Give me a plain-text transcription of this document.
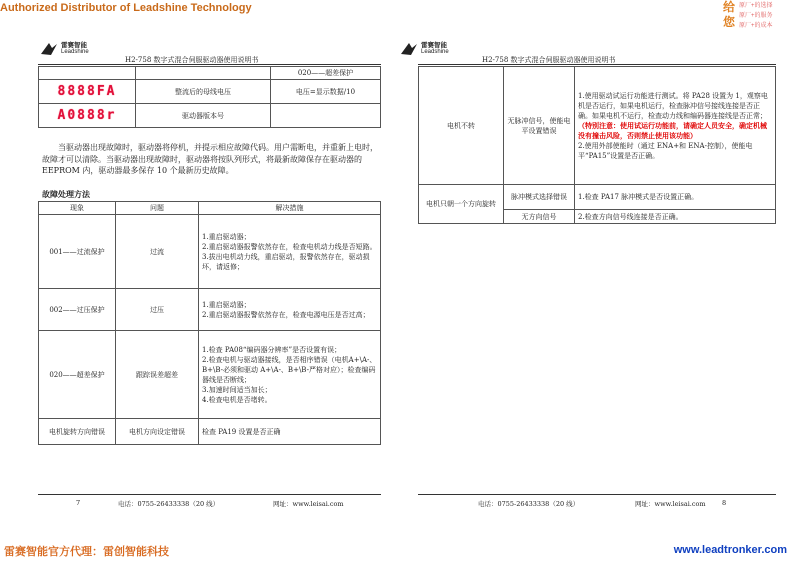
Authorized Distributor of Leadshine Technology	给
您
原厂+的选择
原厂+的服务
原厂+的成本
雷赛智能
Leadshine
H2-758 数字式混合伺服驱动器使用说明书
		020——超差保护

8888FA	整流后的母线电压	电压=显示数据/10

A0888r	驱动器版本号	
当驱动器出现故障时，驱动器将停机，并提示相应故障代码。用户需断电，并重新上电时，故障才可以清除。当驱动器出现故障时，驱动器将按队列形式，将最新故障保存在驱动器的 EEPROM 内，驱动器最多保存 10 个最新历史故障。
故障处理方法
现象	问题	解决措施
001——过流保护	过流	1.重启驱动器；
2.重启驱动器报警依然存在，检查电机动力线是否短路。
3.拔出电机动力线，重启驱动，报警依然存在，驱动损坏，请返修；

002——过压保护	过压	1.重启驱动器；
2.重启驱动器报警依然存在，检查电源电压是否过高；

020——超差保护	跟踪误差超差	1.检查 PA08“编码器分辨率”是否设置有误；
2.检查电机与驱动器接线，是否相序错误（电机A+\A-、B+\B-必须和驱动 A+\A-、B+\B-严格对应）；检查编码器线是否断线；
3.加速时间适当加长；
4.检查电机是否堵转。

电机旋转方向错误	电机方向设定错误	检查 PA19 设置是否正确
7	电话：0755-26433338（20 线）	网址：www.leisai.com
雷赛智能
Leadshine
H2-758 数字式混合伺服驱动器使用说明书
电机不转	无脉冲信号，使能电平设置错误	1.使用驱动试运行功能进行测试。将 PA28 设置为 1，观察电机是否运行，如果电机运行，检查脉冲信号接线连接是否正确。如果电机不运行，检查动力线和编码器连接线是否正常；
（特别注意：使用试运行功能前，请确定人员安全，确定机械没有撞击风险，否则禁止使用该功能）
2.使用外部使能时（通过 ENA+和 ENA-控制），使能电平“PA15”设置是否正确。

电机只朝一个方向旋转	脉冲模式选择错误	1.检查 PA17 脉冲模式是否设置正确。
	无方向信号	2.检查方向信号线连接是否正确。
电话：0755-26433338（20 线）	网址：www.leisai.com	8
雷赛智能官方代理：雷创智能科技	www.leadtronker.com
